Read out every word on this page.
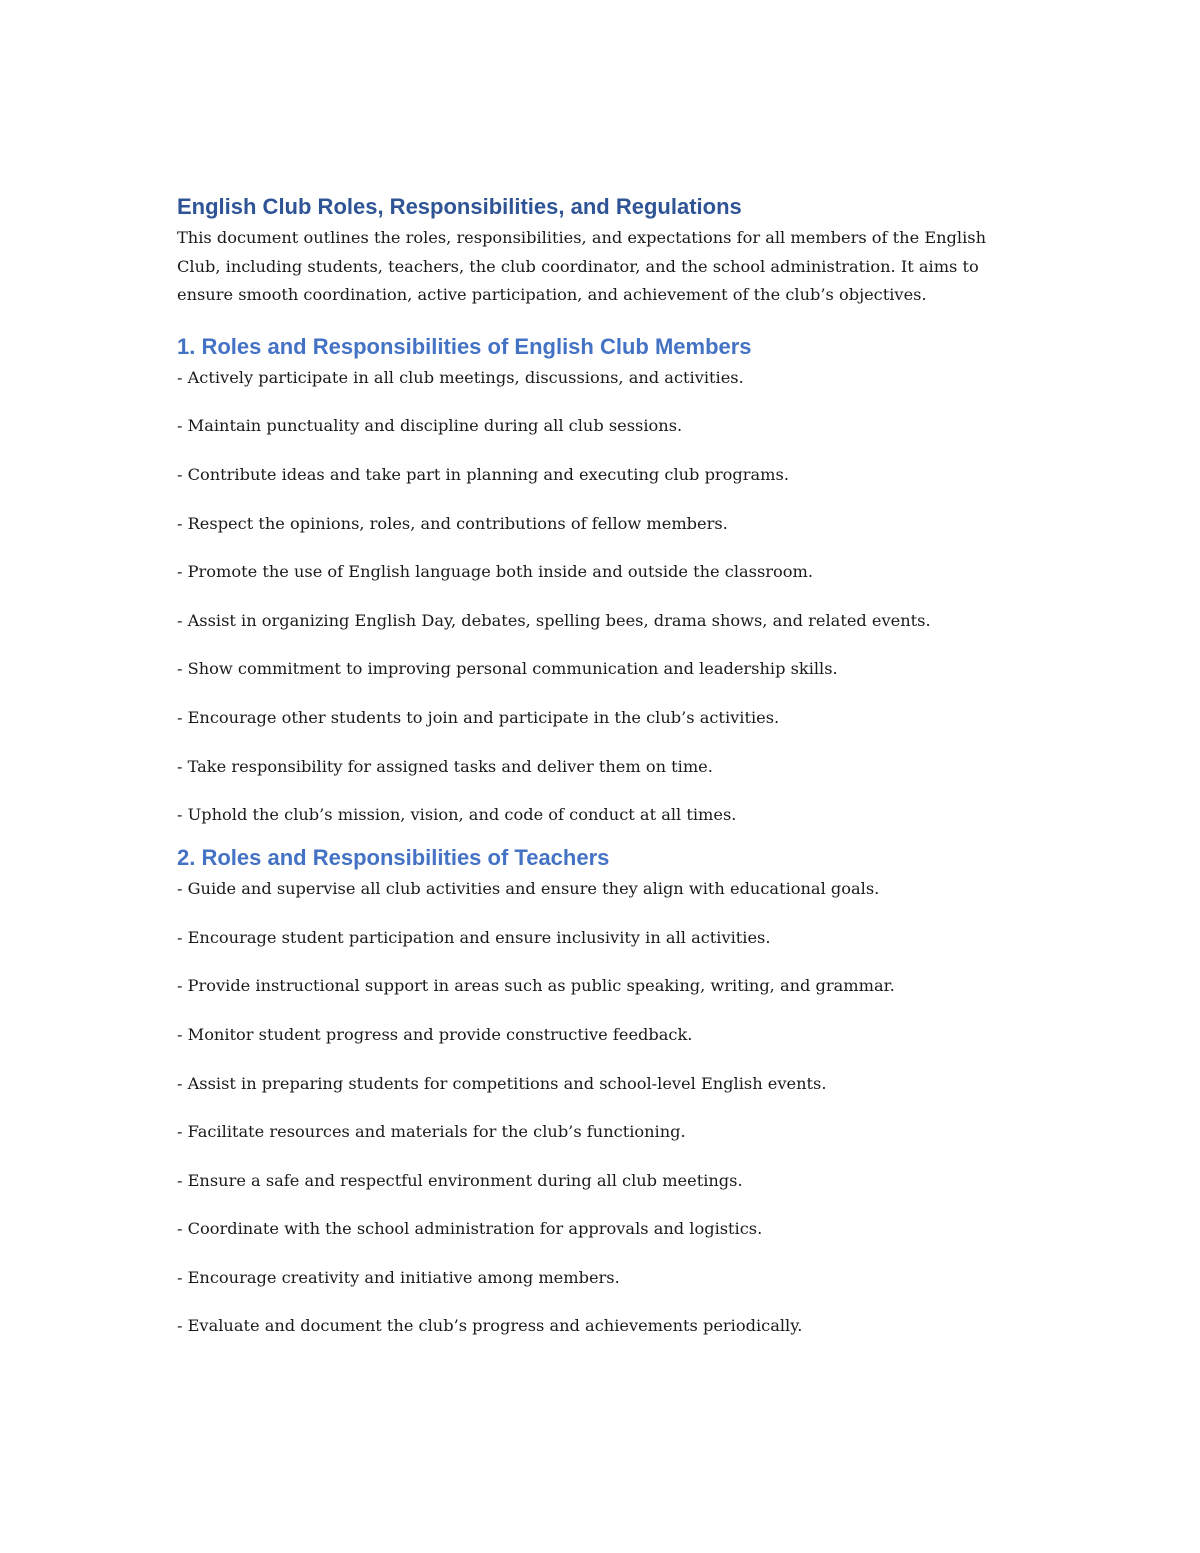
English Club Roles, Responsibilities, and Regulations

This document outlines the roles, responsibilities, and expectations for all members of the English Club, including students, teachers, the club coordinator, and the school administration. It aims to ensure smooth coordination, active participation, and achievement of the club’s objectives.

1. Roles and Responsibilities of English Club Members
- Actively participate in all club meetings, discussions, and activities.
- Maintain punctuality and discipline during all club sessions.
- Contribute ideas and take part in planning and executing club programs.
- Respect the opinions, roles, and contributions of fellow members.
- Promote the use of English language both inside and outside the classroom.
- Assist in organizing English Day, debates, spelling bees, drama shows, and related events.
- Show commitment to improving personal communication and leadership skills.
- Encourage other students to join and participate in the club’s activities.
- Take responsibility for assigned tasks and deliver them on time.
- Uphold the club’s mission, vision, and code of conduct at all times.
2. Roles and Responsibilities of Teachers
- Guide and supervise all club activities and ensure they align with educational goals.
- Encourage student participation and ensure inclusivity in all activities.
- Provide instructional support in areas such as public speaking, writing, and grammar.
- Monitor student progress and provide constructive feedback.
- Assist in preparing students for competitions and school-level English events.
- Facilitate resources and materials for the club’s functioning.
- Ensure a safe and respectful environment during all club meetings.
- Coordinate with the school administration for approvals and logistics.
- Encourage creativity and initiative among members.
- Evaluate and document the club’s progress and achievements periodically.
